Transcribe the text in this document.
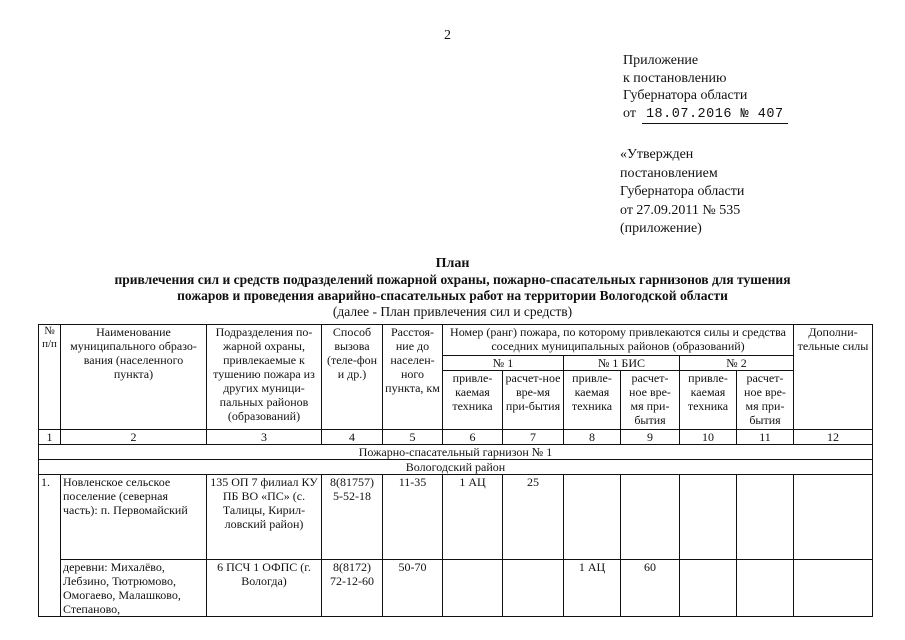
2
Приложение
к постановлению
Губернатора области
от 18.07.2016 № 407
«Утвержден
постановлением
Губернатора области
от 27.09.2011 № 535
(приложение)
План
привлечения сил и средств подразделений пожарной охраны, пожарно-спасательных гарнизонов для тушения
пожаров и проведения аварийно-спасательных работ на территории Вологодской области
(далее - План привлечения сил и средств)
№ п/п	Наименование муниципального образо-вания (населенного пункта)	Подразделения по-жарной охраны, привлекаемые к тушению пожара из других муници-пальных районов (образований)	Способ вызова (теле-фон и др.)	Расстоя-ние до населен-ного пункта, км	Номер (ранг) пожара, по которому привлекаются силы и средства соседних муниципальных районов (образований)						Дополни-тельные силы
					№ 1		№ 1 БИС		№ 2		
					привле-каемая техника	расчет-ное вре-мя при-бытия	привле-каемая техника	расчет-ное вре-мя при-бытия	привле-каемая техника	расчет-ное вре-мя при-бытия	
1	2	3	4	5	6	7	8	9	10	11	12
Пожарно-спасательный гарнизон № 1											
Вологодский район											
1.	Новленское сельское поселение (северная часть): п. Первомайский	135 ОП 7 филиал КУ ПБ ВО «ПС» (с. Талицы, Кирил-ловский район)	8(81757) 5-52-18	11-35	1 АЦ	25					
	деревни: Михалёво, Лебзино, Тютрюмово, Омогаево, Малашково, Степаново,	6 ПСЧ 1 ОФПС (г. Вологда)	8(8172) 72-12-60	50-70			1 АЦ	60			
